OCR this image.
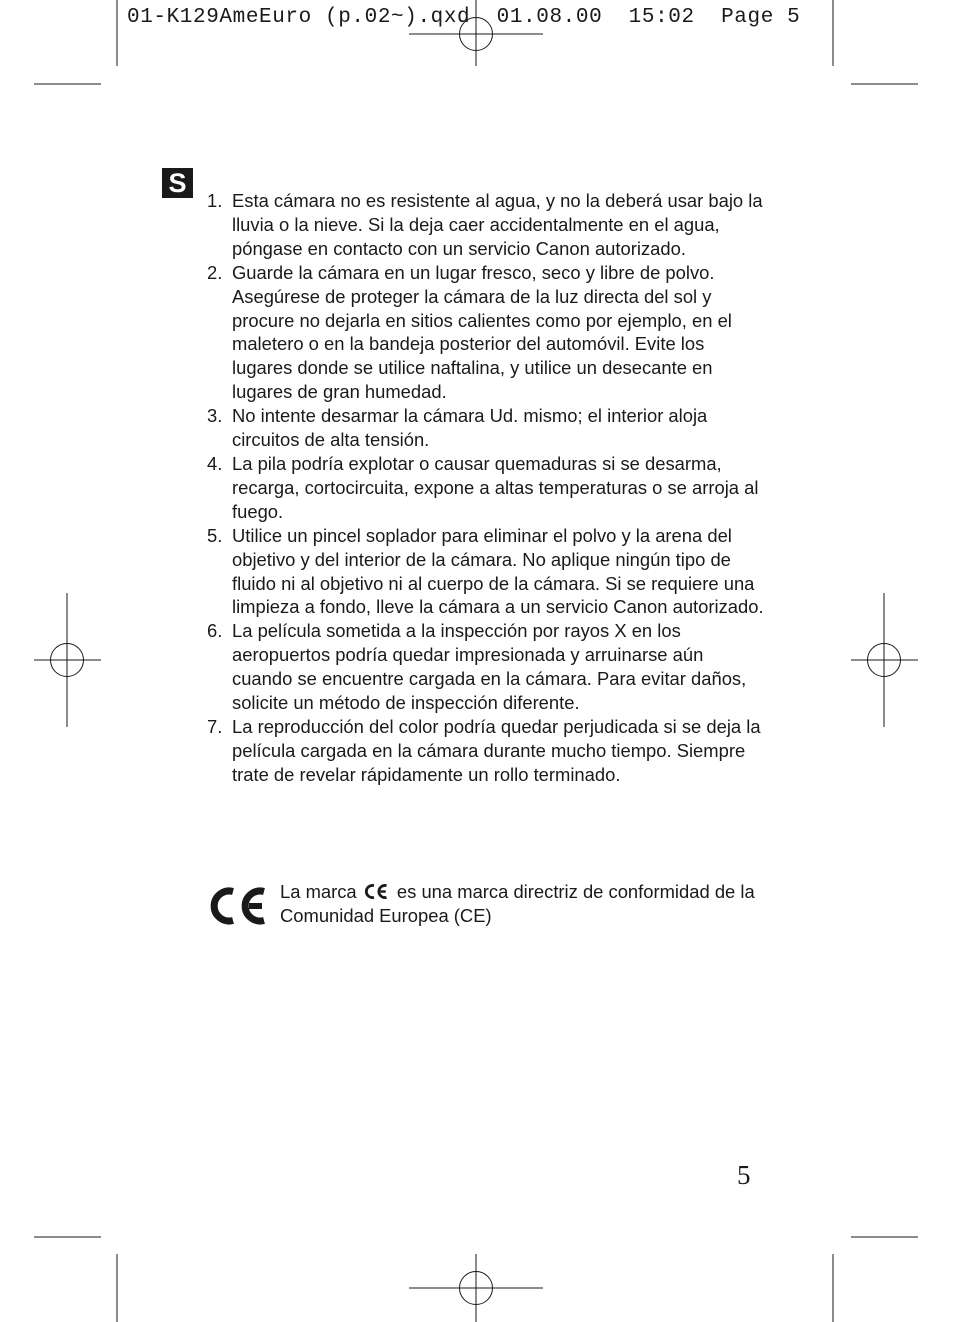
01-K129AmeEuro (p.02~).qxd  01.08.00  15:02  Page 5
S
1. Esta cámara no es resistente al agua, y no la deberá usar bajo la lluvia o la nieve. Si la deja caer accidentalmente en el agua, póngase en contacto con un servicio Canon autorizado.
2. Guarde la cámara en un lugar fresco, seco y libre de polvo. Asegúrese de proteger la cámara de la luz directa del sol y procure no dejarla en sitios calientes como por ejemplo, en el maletero o en la bandeja posterior del automóvil. Evite los lugares donde se utilice naftalina, y utilice un desecante en lugares de gran humedad.
3. No intente desarmar la cámara Ud. mismo; el interior aloja circuitos de alta tensión.
4. La pila podría explotar o causar quemaduras si se desarma, recarga, cortocircuita, expone a altas temperaturas o se arroja al fuego.
5. Utilice un pincel soplador para eliminar el polvo y la arena del objetivo y del interior de la cámara. No aplique ningún tipo de fluido ni al objetivo ni al cuerpo de la cámara. Si se requiere una limpieza a fondo, lleve la cámara a un servicio Canon autorizado.
6. La película sometida a la inspección por rayos X en los aeropuertos podría quedar impresionada y arruinarse aún cuando se encuentre cargada en la cámara. Para evitar daños, solicite un método de inspección diferente.
7. La reproducción del color podría quedar perjudicada si se deja la película cargada en la cámara durante mucho tiempo. Siempre trate de revelar rápidamente un rollo terminado.
La marca es una marca directriz de conformidad de la Comunidad Europea (CE)
5
